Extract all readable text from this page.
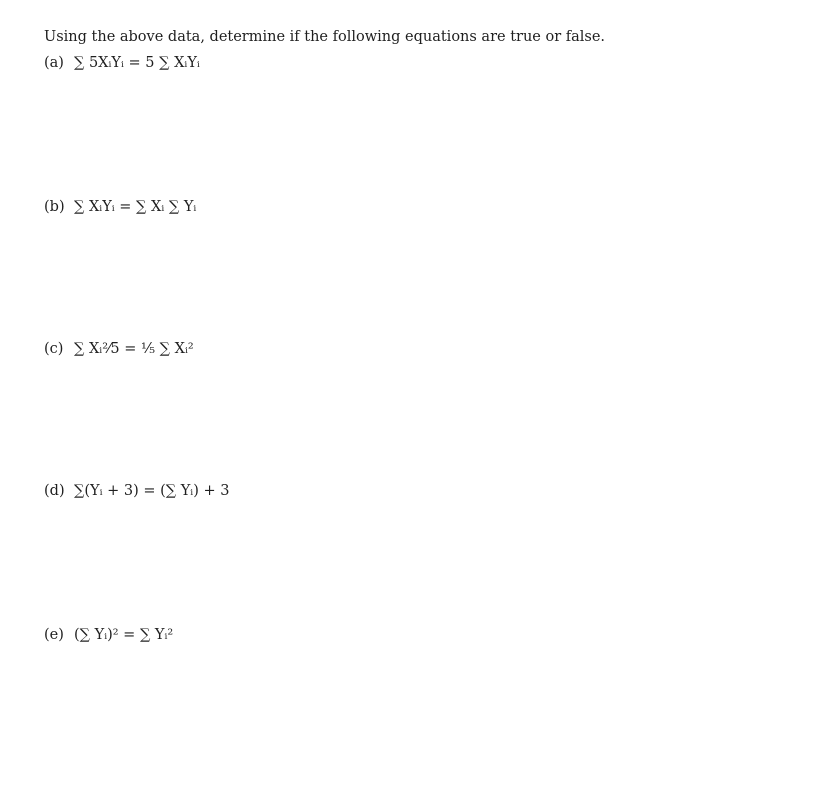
Using the above data, determine if the following equations are true or false.
(a) ∑ 5XᵢYᵢ = 5 ∑ XᵢYᵢ
(b) ∑ XᵢYᵢ = ∑ Xᵢ ∑ Yᵢ
(c) ∑ Xᵢ²⁄5 = ¹⁄₅ ∑ Xᵢ²
(d) ∑(Yᵢ + 3) = (∑ Yᵢ) + 3
(e) (∑ Yᵢ)² = ∑ Yᵢ²
